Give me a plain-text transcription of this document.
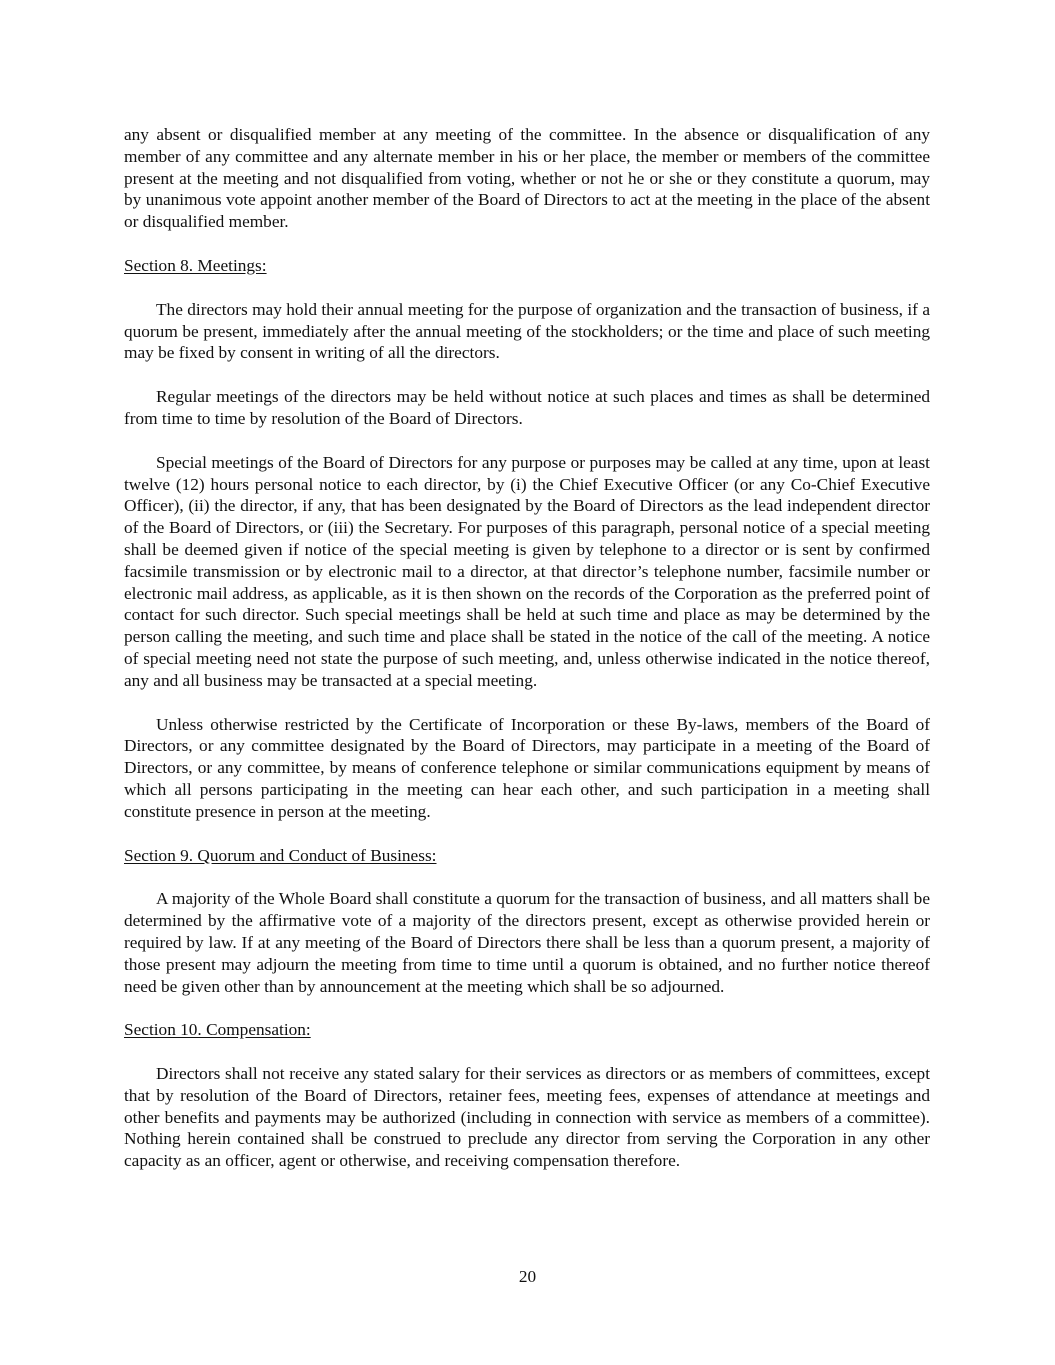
any absent or disqualified member at any meeting of the committee. In the absence or disqualification of any member of any committee and any alternate member in his or her place, the member or members of the committee present at the meeting and not disqualified from voting, whether or not he or she or they constitute a quorum, may by unanimous vote appoint another member of the Board of Directors to act at the meeting in the place of the absent or disqualified member.

Section 8. Meetings:

The directors may hold their annual meeting for the purpose of organization and the transaction of business, if a quorum be present, immediately after the annual meeting of the stockholders; or the time and place of such meeting may be fixed by consent in writing of all the directors.

Regular meetings of the directors may be held without notice at such places and times as shall be determined from time to time by resolution of the Board of Directors.

Special meetings of the Board of Directors for any purpose or purposes may be called at any time, upon at least twelve (12) hours personal notice to each director, by (i) the Chief Executive Officer (or any Co-Chief Executive Officer), (ii) the director, if any, that has been designated by the Board of Directors as the lead independent director of the Board of Directors, or (iii) the Secretary. For purposes of this paragraph, personal notice of a special meeting shall be deemed given if notice of the special meeting is given by telephone to a director or is sent by confirmed facsimile transmission or by electronic mail to a director, at that director’s telephone number, facsimile number or electronic mail address, as applicable, as it is then shown on the records of the Corporation as the preferred point of contact for such director. Such special meetings shall be held at such time and place as may be determined by the person calling the meeting, and such time and place shall be stated in the notice of the call of the meeting. A notice of special meeting need not state the purpose of such meeting, and, unless otherwise indicated in the notice thereof, any and all business may be transacted at a special meeting.

Unless otherwise restricted by the Certificate of Incorporation or these By-laws, members of the Board of Directors, or any committee designated by the Board of Directors, may participate in a meeting of the Board of Directors, or any committee, by means of conference telephone or similar communications equipment by means of which all persons participating in the meeting can hear each other, and such participation in a meeting shall constitute presence in person at the meeting.

Section 9. Quorum and Conduct of Business:

A majority of the Whole Board shall constitute a quorum for the transaction of business, and all matters shall be determined by the affirmative vote of a majority of the directors present, except as otherwise provided herein or required by law. If at any meeting of the Board of Directors there shall be less than a quorum present, a majority of those present may adjourn the meeting from time to time until a quorum is obtained, and no further notice thereof need be given other than by announcement at the meeting which shall be so adjourned.

Section 10. Compensation:

Directors shall not receive any stated salary for their services as directors or as members of committees, except that by resolution of the Board of Directors, retainer fees, meeting fees, expenses of attendance at meetings and other benefits and payments may be authorized (including in connection with service as members of a committee). Nothing herein contained shall be construed to preclude any director from serving the Corporation in any other capacity as an officer, agent or otherwise, and receiving compensation therefore.

20
